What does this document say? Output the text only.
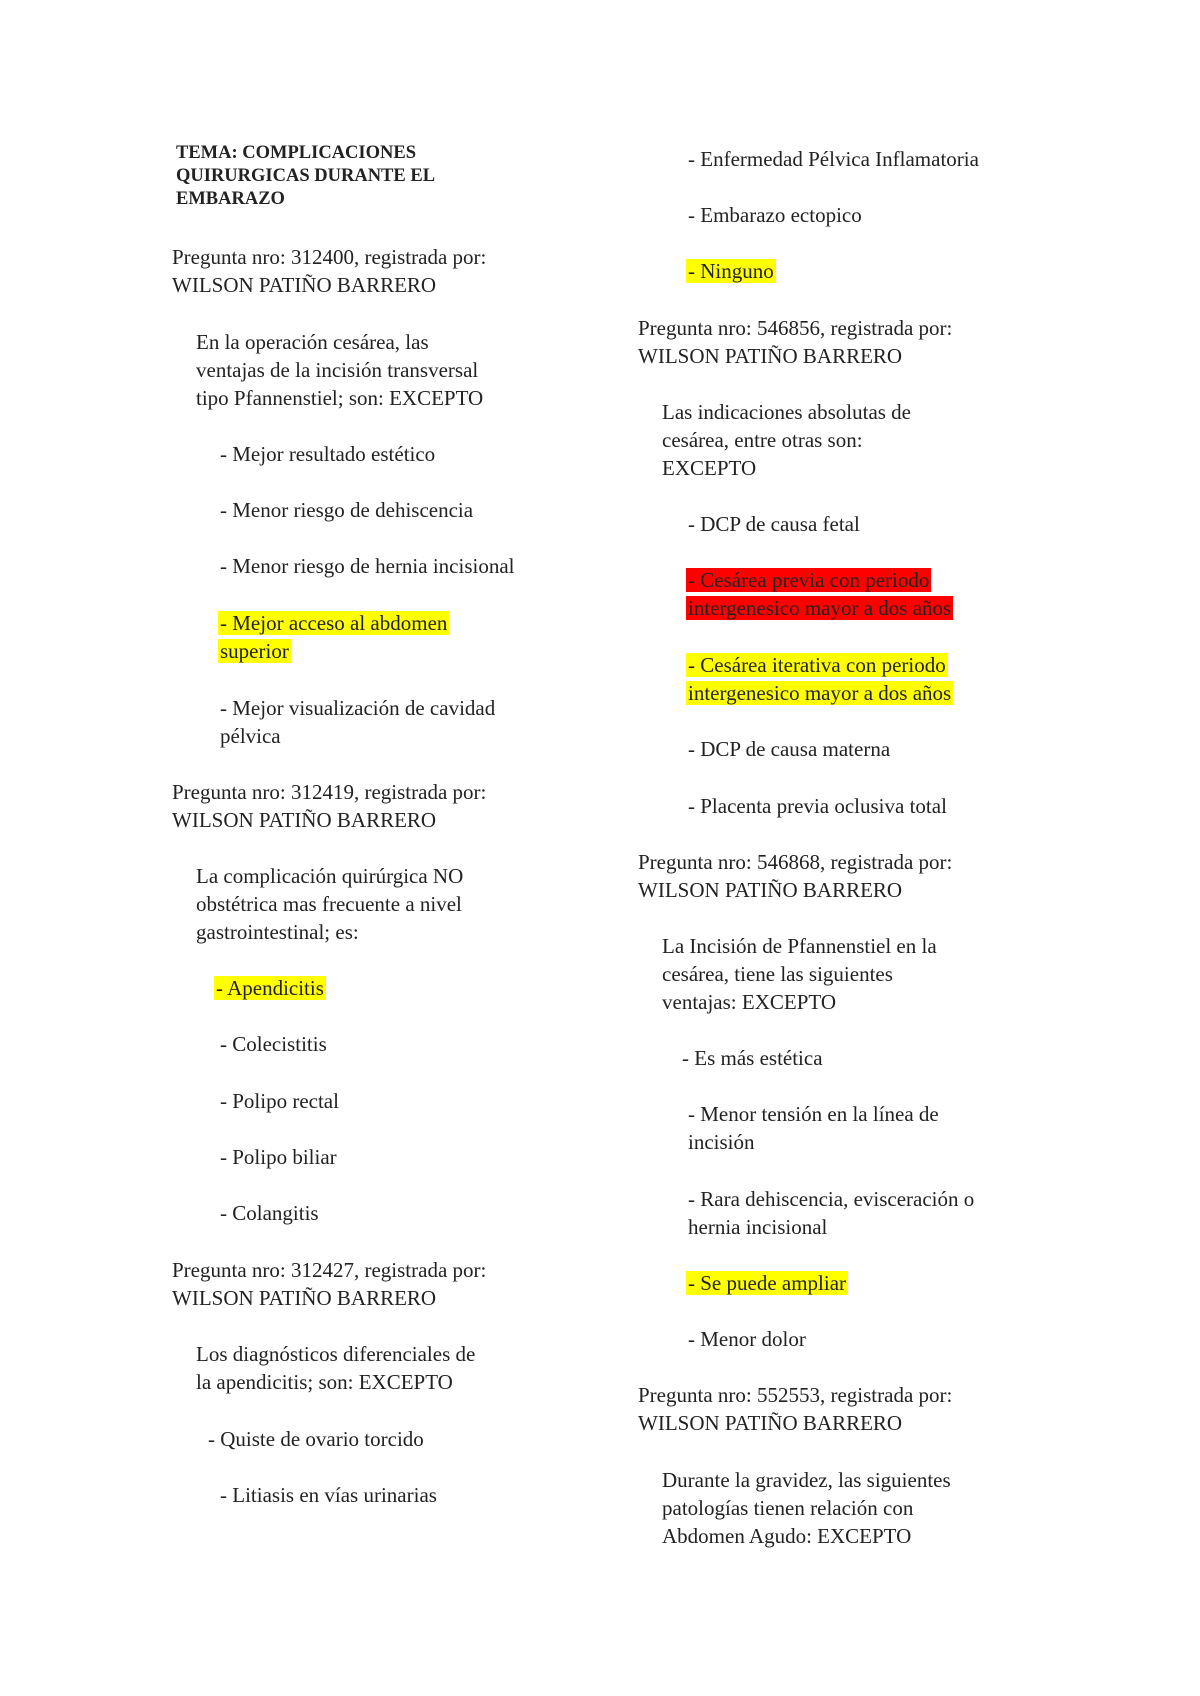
TEMA: COMPLICACIONES
QUIRURGICAS DURANTE EL
EMBARAZO
Pregunta nro: 312400, registrada por:
WILSON PATIÑO BARRERO
En la operación cesárea, las
ventajas de la incisión transversal
tipo Pfannenstiel; son: EXCEPTO
- Mejor resultado estético
- Menor riesgo de dehiscencia
- Menor riesgo de hernia incisional
- Mejor acceso al abdomen
superior
- Mejor visualización de cavidad
pélvica
Pregunta nro: 312419, registrada por:
WILSON PATIÑO BARRERO
La complicación quirúrgica NO
obstétrica mas frecuente a nivel
gastrointestinal; es:
- Apendicitis
- Colecistitis
- Polipo rectal
- Polipo biliar
- Colangitis
Pregunta nro: 312427, registrada por:
WILSON PATIÑO BARRERO
Los diagnósticos diferenciales de
la apendicitis; son: EXCEPTO
- Quiste de ovario torcido
- Litiasis en vías urinarias
- Enfermedad Pélvica Inflamatoria
- Embarazo ectopico
- Ninguno
Pregunta nro: 546856, registrada por:
WILSON PATIÑO BARRERO
Las indicaciones absolutas de
cesárea, entre otras son:
EXCEPTO
- DCP de causa fetal
- Cesárea previa con periodo
intergenesico mayor a dos años
- Cesárea iterativa con periodo
intergenesico mayor a dos años
- DCP de causa materna
- Placenta previa oclusiva total
Pregunta nro: 546868, registrada por:
WILSON PATIÑO BARRERO
La Incisión de Pfannenstiel en la
cesárea, tiene las siguientes
ventajas: EXCEPTO
- Es más estética
- Menor tensión en la línea de
incisión
- Rara dehiscencia, evisceración o
hernia incisional
- Se puede ampliar
- Menor dolor
Pregunta nro: 552553, registrada por:
WILSON PATIÑO BARRERO
Durante la gravidez, las siguientes
patologías tienen relación con
Abdomen Agudo: EXCEPTO
